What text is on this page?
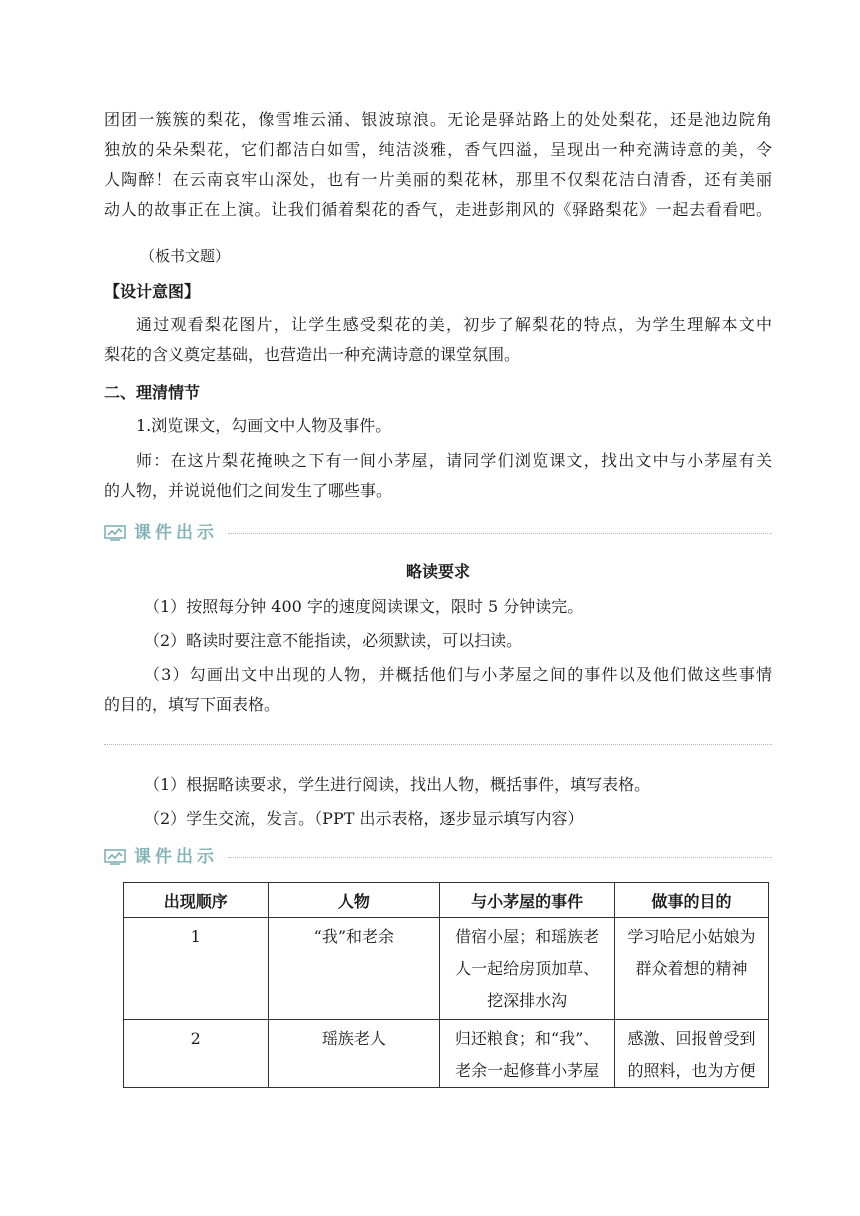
团团一簇簇的梨花，像雪堆云涌、银波琼浪。无论是驿站路上的处处梨花，还是池边院角
独放的朵朵梨花，它们都洁白如雪，纯洁淡雅，香气四溢，呈现出一种充满诗意的美，令
人陶醉！在云南哀牢山深处，也有一片美丽的梨花林，那里不仅梨花洁白清香，还有美丽
动人的故事正在上演。让我们循着梨花的香气，走进彭荆风的《驿路梨花》一起去看看吧。
（板书文题）
【设计意图】
通过观看梨花图片，让学生感受梨花的美，初步了解梨花的特点，为学生理解本文中
梨花的含义奠定基础，也营造出一种充满诗意的课堂氛围。
二、理清情节
1.浏览课文，勾画文中人物及事件。
师：在这片梨花掩映之下有一间小茅屋，请同学们浏览课文，找出文中与小茅屋有关
的人物，并说说他们之间发生了哪些事。
课件出示
略读要求
（1）按照每分钟 400 字的速度阅读课文，限时 5 分钟读完。
（2）略读时要注意不能指读，必须默读，可以扫读。
（3）勾画出文中出现的人物，并概括他们与小茅屋之间的事件以及他们做这些事情
的目的，填写下面表格。
（1）根据略读要求，学生进行阅读，找出人物，概括事件，填写表格。
（2）学生交流，发言。（PPT 出示表格，逐步显示填写内容）
课件出示
出现顺序	人物	与小茅屋的事件	做事的目的
1	“我”和老余	借宿小屋；和瑶族老
人一起给房顶加草、
挖深排水沟	学习哈尼小姑娘为
群众着想的精神

2	瑶族老人	归还粮食；和“我”、
老余一起修葺小茅屋	感激、回报曾受到
的照料，也为方便
